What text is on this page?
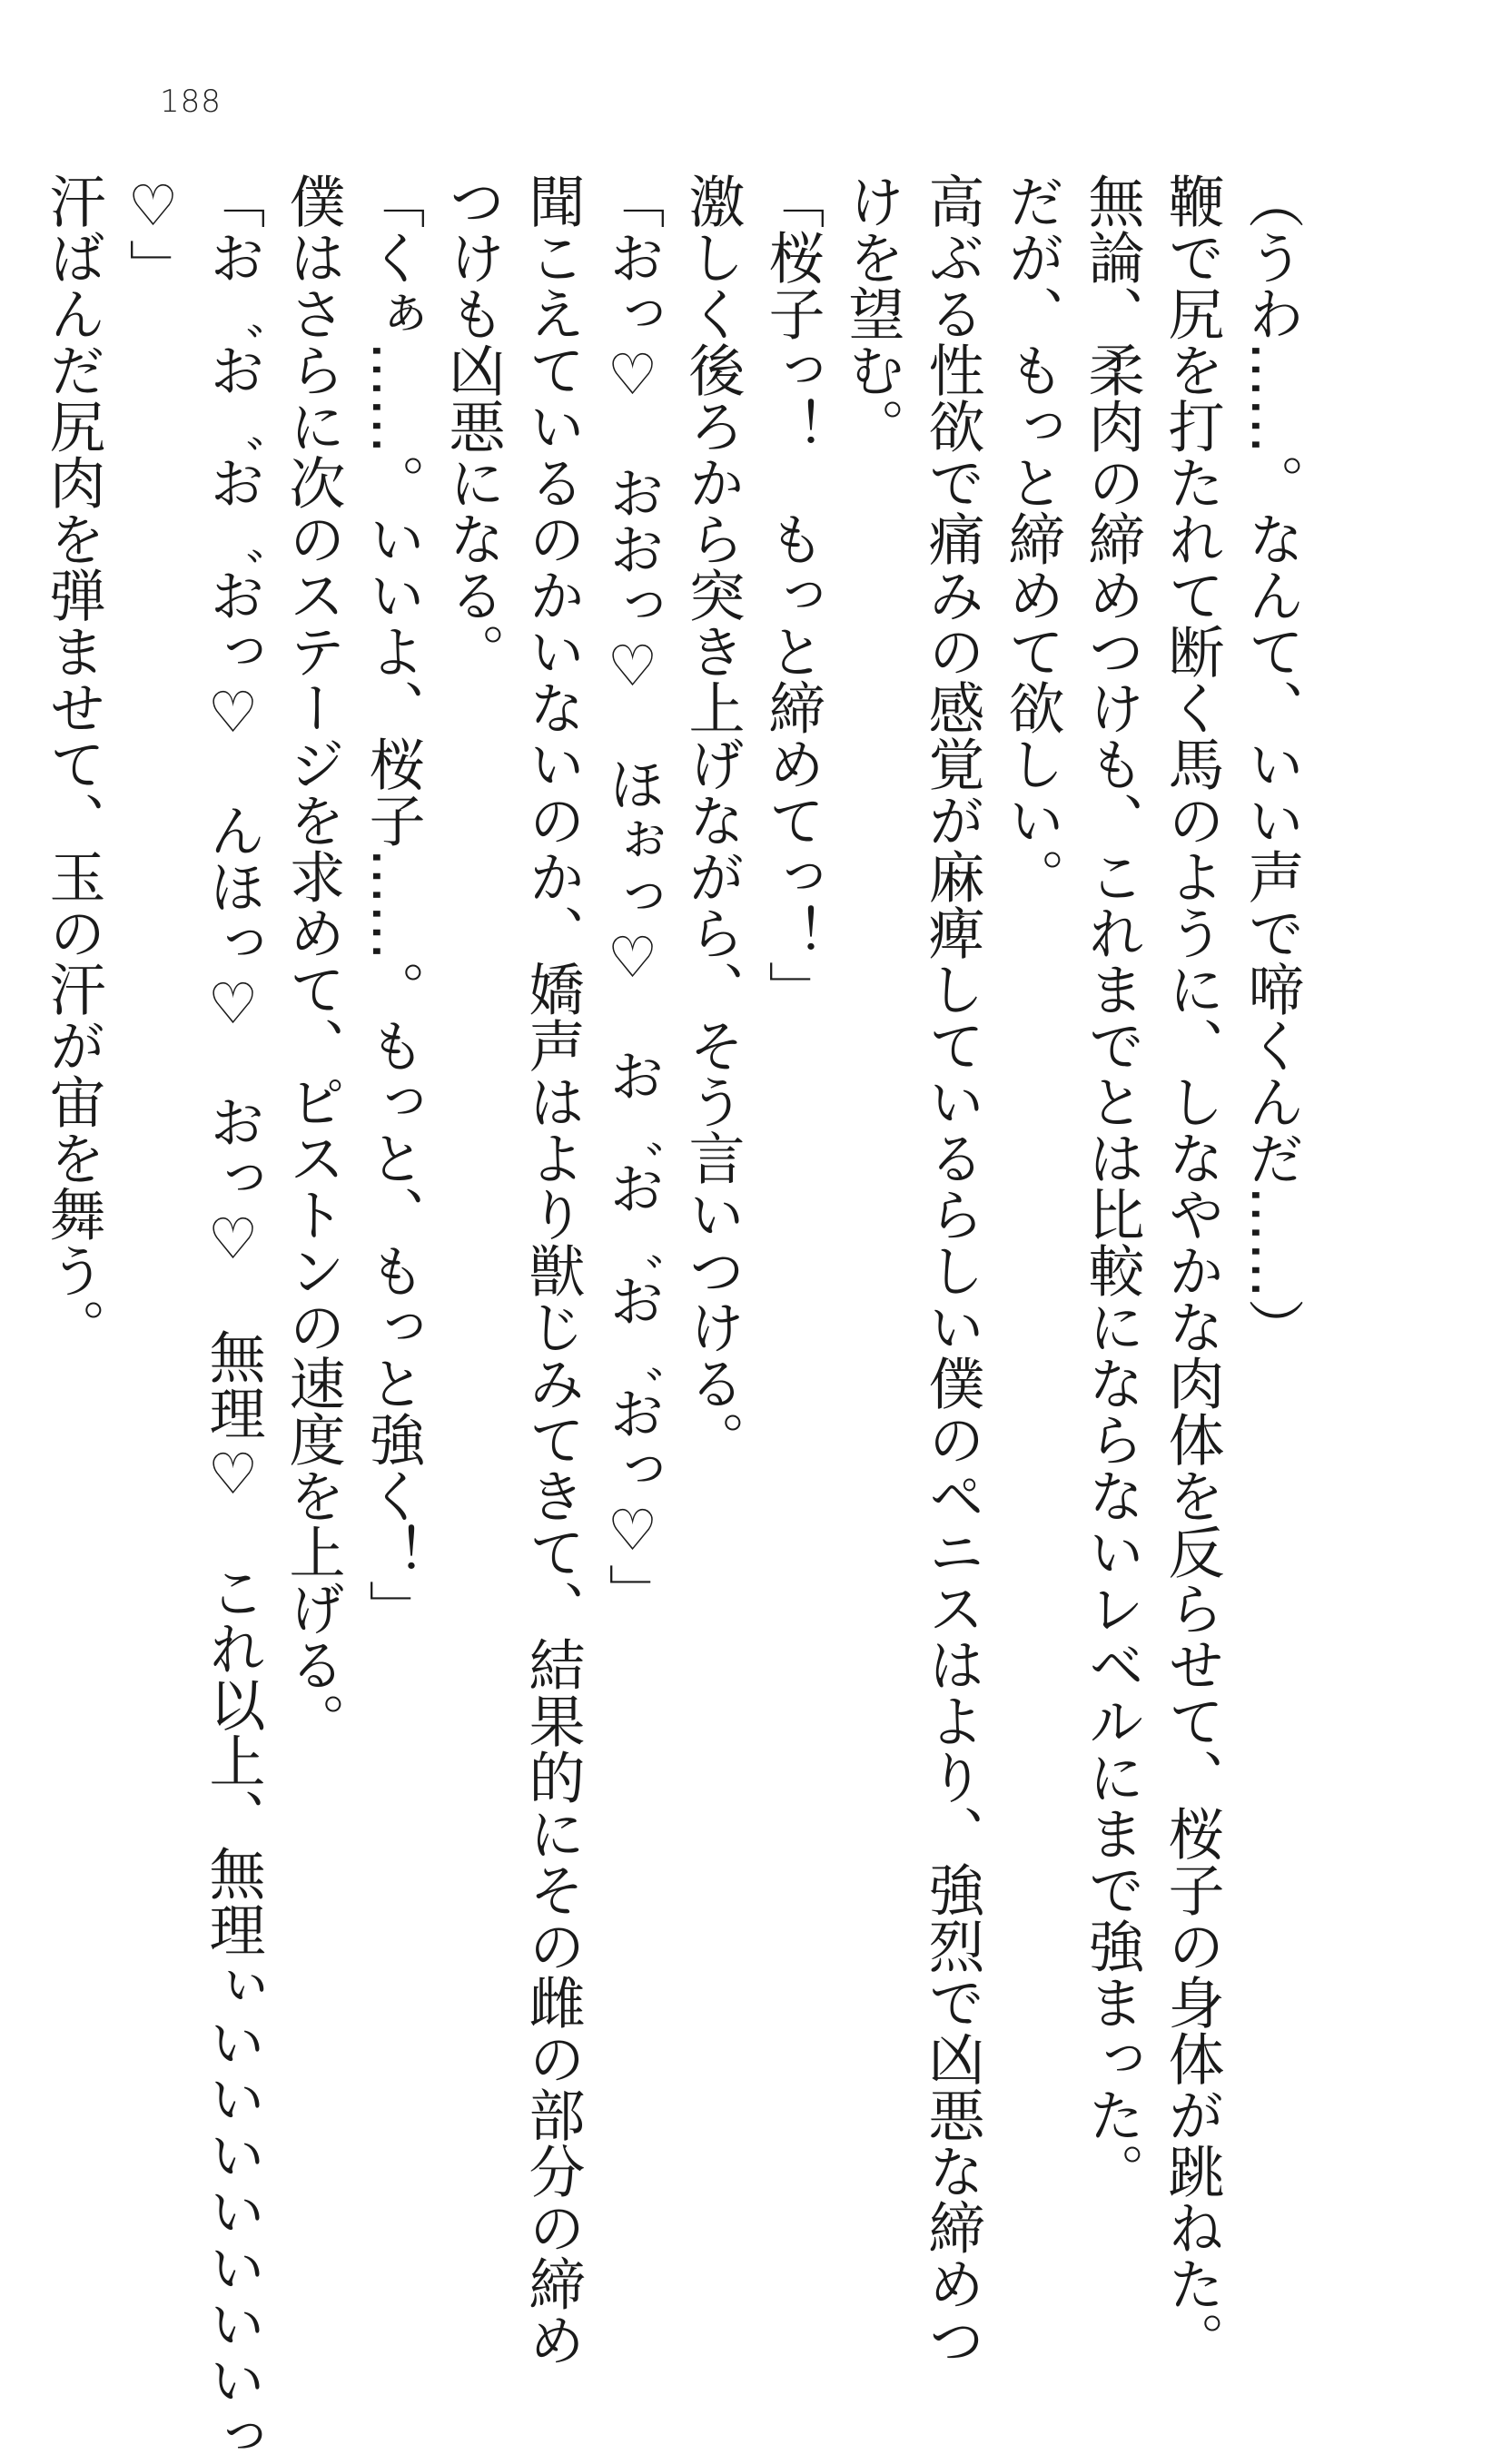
188
（うわ……。なんて、いい声で啼くんだ……）
鞭で尻を打たれて断く馬のように、しなやかな肉体を反らせて、桜子の身体が跳ねた。
無論、柔肉の締めつけも、これまでとは比較にならないレベルにまで強まった。
だが、もっと締めて欲しい。
高ぶる性欲で痛みの感覚が麻痺しているらしい僕のペニスはより、強烈で凶悪な締めつ
けを望む。
「桜子っ！　もっと締めてっ！」
激しく後ろから突き上げながら、そう言いつける。
「おっ♡　おおっ♡　ほぉっ♡　お゛お゛お゛おっ♡」
聞こえているのかいないのか、嬌声はより獣じみてきて、結果的にその雌の部分の締め
つけも凶悪になる。
「くぁ……。いいよ、桜子……。もっと、もっと強く！」
僕はさらに次のステージを求めて、ピストンの速度を上げる。
「お゛お゛お゛おっ♡　んほっ♡　おっ♡　無理♡　これ以上、無理ぃいいいいいいいっ
♡」
汗ばんだ尻肉を弾ませて、玉の汗が宙を舞う。
